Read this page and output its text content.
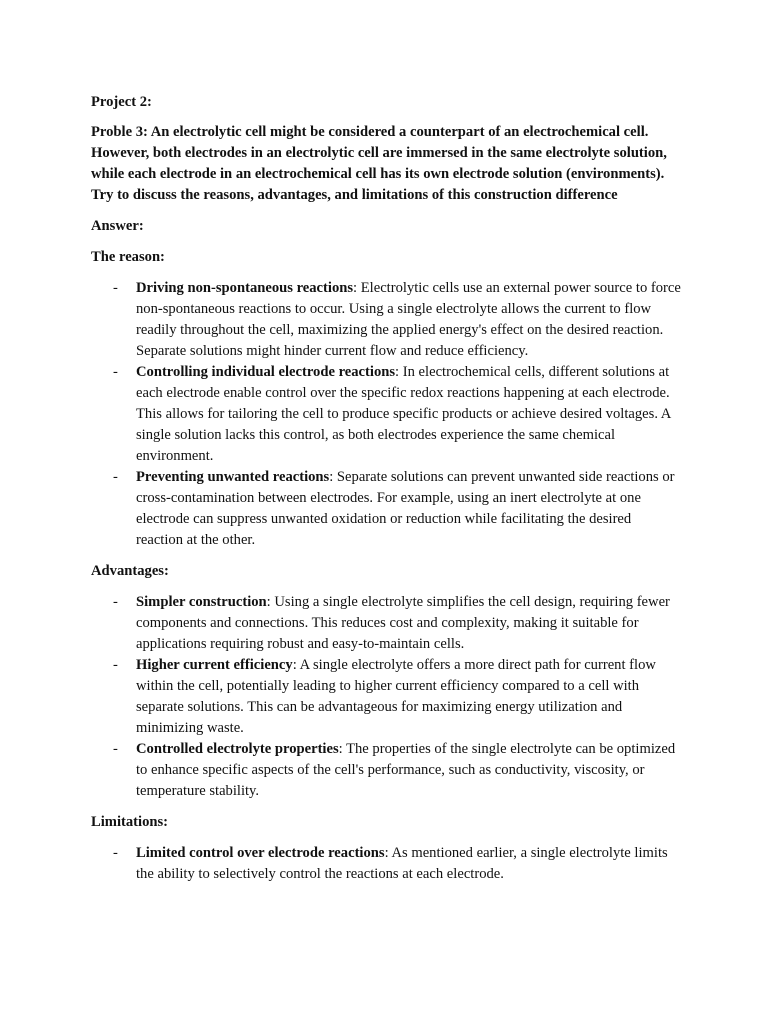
Project 2:
Proble 3: An electrolytic cell might be considered a counterpart of an electrochemical cell. However, both electrodes in an electrolytic cell are immersed in the same electrolyte solution, while each electrode in an electrochemical cell has its own electrode solution (environments). Try to discuss the reasons, advantages, and limitations of this construction difference
Answer:
The reason:
- Driving non-spontaneous reactions: Electrolytic cells use an external power source to force non-spontaneous reactions to occur. Using a single electrolyte allows the current to flow readily throughout the cell, maximizing the applied energy's effect on the desired reaction. Separate solutions might hinder current flow and reduce efficiency.
- Controlling individual electrode reactions: In electrochemical cells, different solutions at each electrode enable control over the specific redox reactions happening at each electrode. This allows for tailoring the cell to produce specific products or achieve desired voltages. A single solution lacks this control, as both electrodes experience the same chemical environment.
- Preventing unwanted reactions: Separate solutions can prevent unwanted side reactions or cross-contamination between electrodes. For example, using an inert electrolyte at one electrode can suppress unwanted oxidation or reduction while facilitating the desired reaction at the other.
Advantages:
- Simpler construction: Using a single electrolyte simplifies the cell design, requiring fewer components and connections. This reduces cost and complexity, making it suitable for applications requiring robust and easy-to-maintain cells.
- Higher current efficiency: A single electrolyte offers a more direct path for current flow within the cell, potentially leading to higher current efficiency compared to a cell with separate solutions. This can be advantageous for maximizing energy utilization and minimizing waste.
- Controlled electrolyte properties: The properties of the single electrolyte can be optimized to enhance specific aspects of the cell's performance, such as conductivity, viscosity, or temperature stability.
Limitations:
- Limited control over electrode reactions: As mentioned earlier, a single electrolyte limits the ability to selectively control the reactions at each electrode.
